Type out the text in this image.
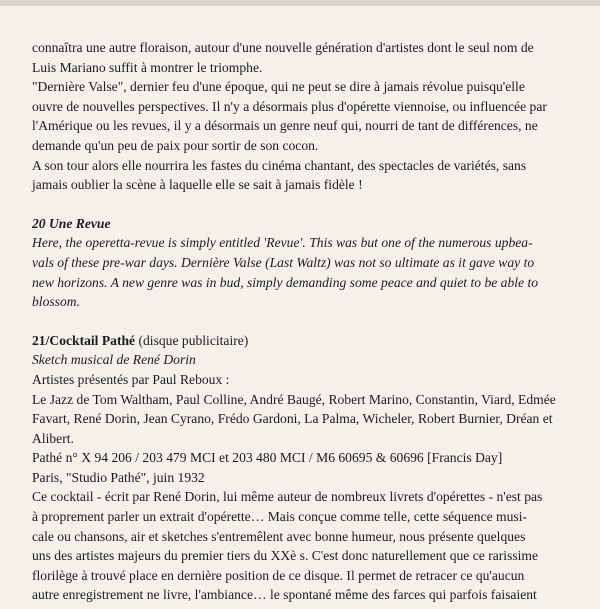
connaîtra une autre floraison, autour d'une nouvelle génération d'artistes dont le seul nom de
Luis Mariano suffit à montrer le triomphe.
"Dernière Valse", dernier feu d'une époque, qui ne peut se dire à jamais révolue puisqu'elle
ouvre de nouvelles perspectives. Il n'y a désormais plus d'opérette viennoise, ou influencée par
l'Amérique ou les revues, il y a désormais un genre neuf qui, nourri de tant de différences, ne
demande qu'un peu de paix pour sortir de son cocon.
A son tour alors elle nourrira les fastes du cinéma chantant, des spectacles de variétés, sans
jamais oublier la scène à laquelle elle se sait à jamais fidèle !
20 Une Revue
Here, the operetta-revue is simply entitled 'Revue'. This was but one of the numerous upbea-
vals of these pre-war days. Dernière Valse (Last Waltz) was not so ultimate as it gave way to
new horizons. A new genre was in bud, simply demanding some peace and quiet to be able to
blossom.
21/Cocktail Pathé (disque publicitaire)
Sketch musical de René Dorin
Artistes présentés par Paul Reboux :
Le Jazz de Tom Waltham, Paul Colline, André Baugé, Robert Marino, Constantin, Viard, Edmée
Favart, René Dorin, Jean Cyrano, Frédo Gardoni, La Palma, Wicheler, Robert Burnier, Dréan et
Alibert.
Pathé n° X 94 206 / 203 479 MCI et 203 480 MCI / M6 60695 & 60696 [Francis Day]
Paris, "Studio Pathé", juin 1932
Ce cocktail - écrit par René Dorin, lui même auteur de nombreux livrets d'opérettes - n'est pas
à proprement parler un extrait d'opérette… Mais conçue comme telle, cette séquence musi-
cale ou chansons, air et sketches s'entremêlent avec bonne humeur, nous présente quelques
uns des artistes majeurs du premier tiers du XXè s. C'est donc naturellement que ce rarissime
florilège à trouvé place en dernière position de ce disque. Il permet de retracer ce qu'aucun
autre enregistrement ne livre, l'ambiance… le spontané même des farces qui parfois faisaient
